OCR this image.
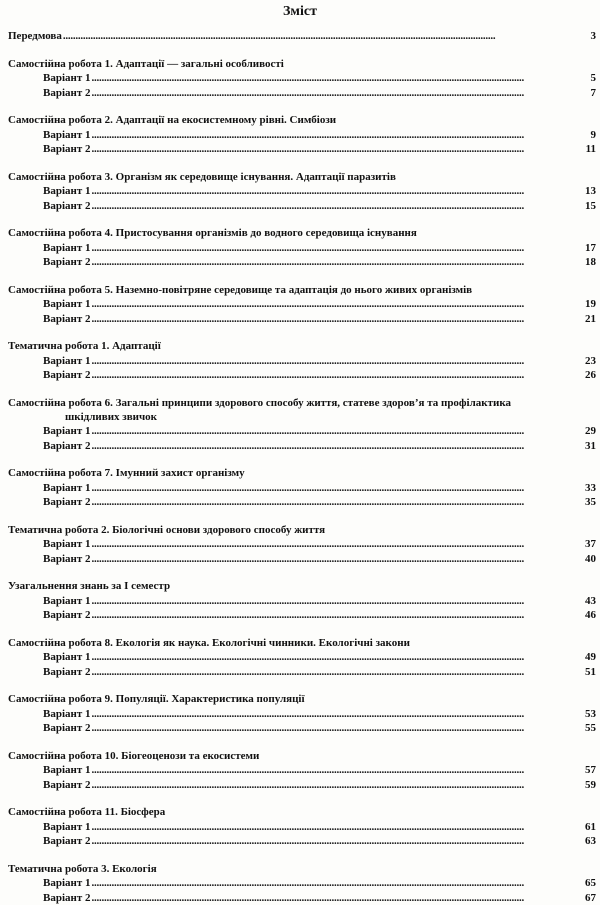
Зміст
Передмова . . .	3
Самостійна робота 1. Адаптації — загальні особливості
Варіант 1 . . .	5
Варіант 2 . . .	7
Самостійна робота 2. Адаптації на екосистемному рівні. Симбіози
Варіант 1 . . .	9
Варіант 2 . . .	11
Самостійна робота 3. Організм як середовище існування. Адаптації паразитів
Варіант 1 . . .	13
Варіант 2 . . .	15
Самостійна робота 4. Пристосування організмів до водного середовища існування
Варіант 1 . . .	17
Варіант 2 . . .	18
Самостійна робота 5. Наземно-повітряне середовище та адаптація до нього живих організмів
Варіант 1 . . .	19
Варіант 2 . . .	21
Тематична робота 1. Адаптації
Варіант 1 . . .	23
Варіант 2 . . .	26
Самостійна робота 6. Загальні принципи здорового способу життя, статеве здоров’я та профілактика
шкідливих звичок
Варіант 1 . . .	29
Варіант 2 . . .	31
Самостійна робота 7. Імунний захист організму
Варіант 1 . . .	33
Варіант 2 . . .	35
Тематична робота 2. Біологічні основи здорового способу життя
Варіант 1 . . .	37
Варіант 2 . . .	40
Узагальнення знань за І семестр
Варіант 1 . . .	43
Варіант 2 . . .	46
Самостійна робота 8. Екологія як наука. Екологічні чинники. Екологічні закони
Варіант 1 . . .	49
Варіант 2 . . .	51
Самостійна робота 9. Популяції. Характеристика популяції
Варіант 1 . . .	53
Варіант 2 . . .	55
Самостійна робота 10. Біогеоценози та екосистеми
Варіант 1 . . .	57
Варіант 2 . . .	59
Самостійна робота 11. Біосфера
Варіант 1 . . .	61
Варіант 2 . . .	63
Тематична робота 3. Екологія
Варіант 1 . . .	65
Варіант 2 . . .	67
